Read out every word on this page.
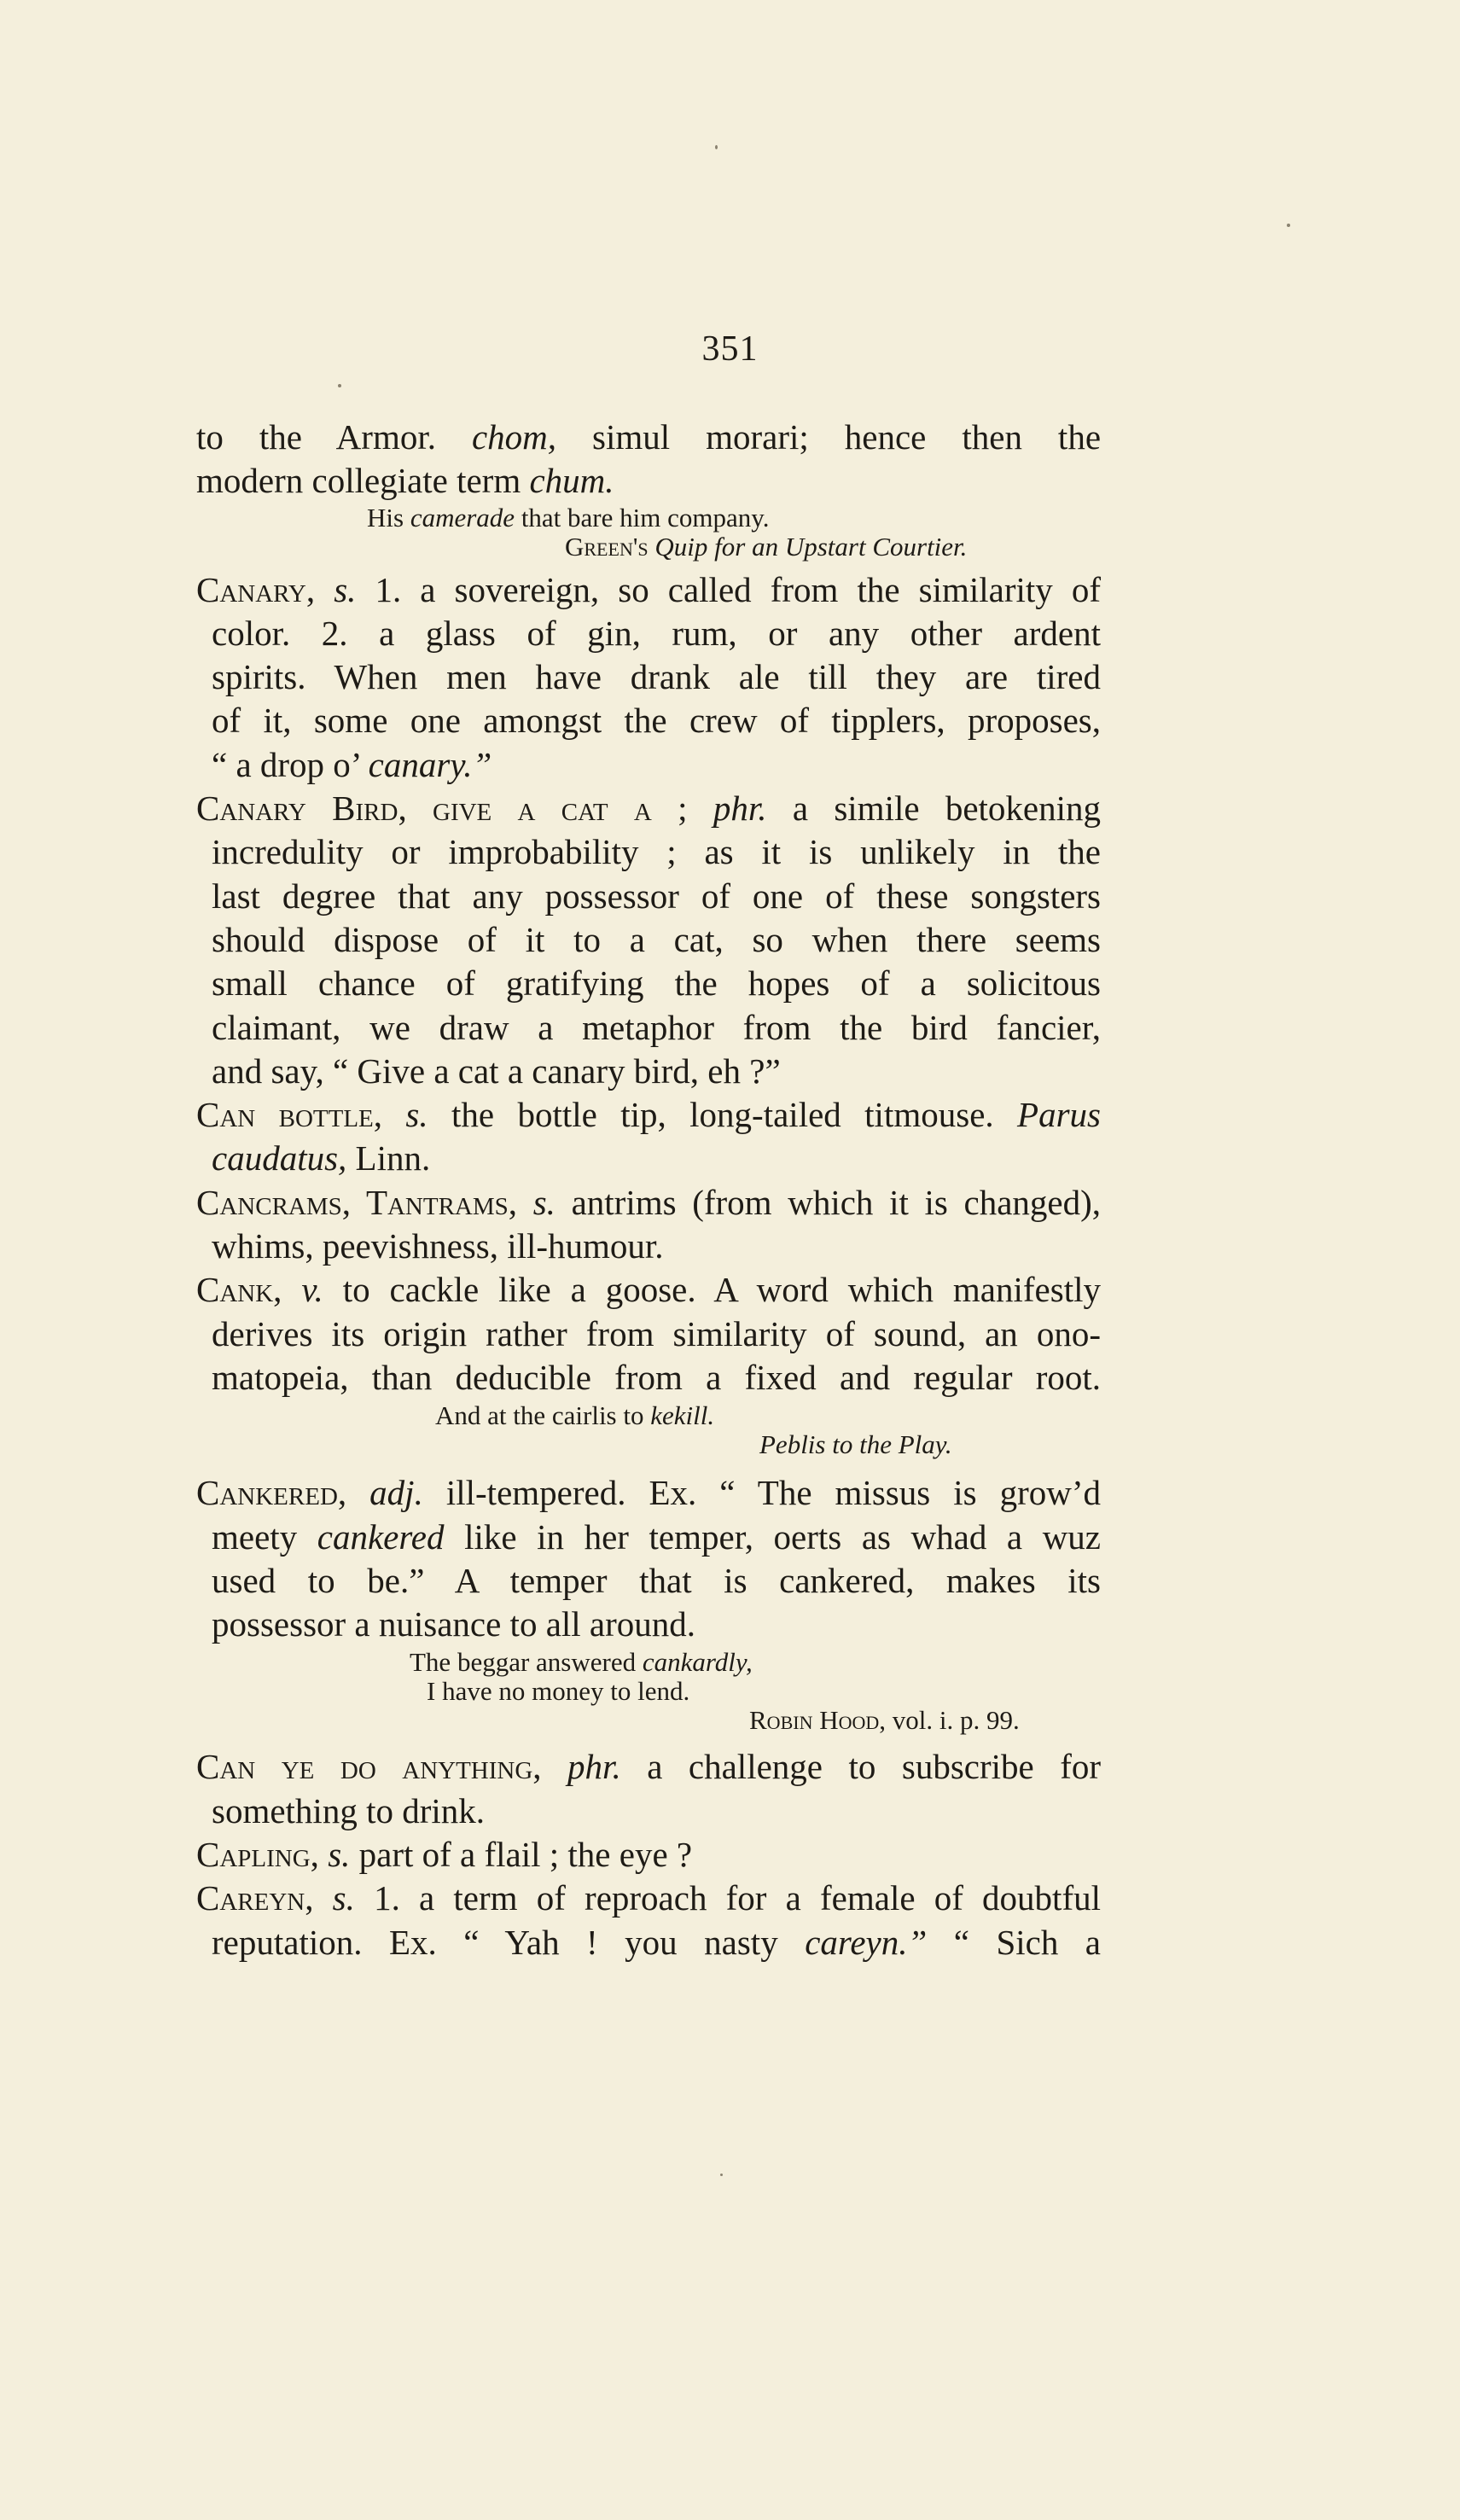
351
to the Armor. chom, simul morari; hence then the
modern collegiate term chum.
His camerade that bare him company.
Green's Quip for an Upstart Courtier.
Canary, s. 1. a sovereign, so called from the similarity of
color. 2. a glass of gin, rum, or any other ardent
spirits. When men have drank ale till they are tired
of it, some one amongst the crew of tipplers, proposes,
“ a drop o’ canary.”
Canary Bird, give a cat a ; phr. a simile betokening
incredulity or improbability ; as it is unlikely in the
last degree that any possessor of one of these songsters
should dispose of it to a cat, so when there seems
small chance of gratifying the hopes of a solicitous
claimant, we draw a metaphor from the bird fancier,
and say, “ Give a cat a canary bird, eh ?”
Can bottle, s. the bottle tip, long-tailed titmouse. Parus
caudatus, Linn.
Cancrams, Tantrams, s. antrims (from which it is changed),
whims, peevishness, ill-humour.
Cank, v. to cackle like a goose. A word which manifestly
derives its origin rather from similarity of sound, an ono-
matopeia, than deducible from a fixed and regular root.
And at the cairlis to kekill.
Peblis to the Play.
Cankered, adj. ill-tempered. Ex. “ The missus is grow’d
meety cankered like in her temper, oerts as whad a wuz
used to be.” A temper that is cankered, makes its
possessor a nuisance to all around.
The beggar answered cankardly,
I have no money to lend.
Robin Hood, vol. i. p. 99.
Can ye do anything, phr. a challenge to subscribe for
something to drink.
Capling, s. part of a flail ; the eye ?
Careyn, s. 1. a term of reproach for a female of doubtful
reputation. Ex. “ Yah ! you nasty careyn.” “ Sich a
